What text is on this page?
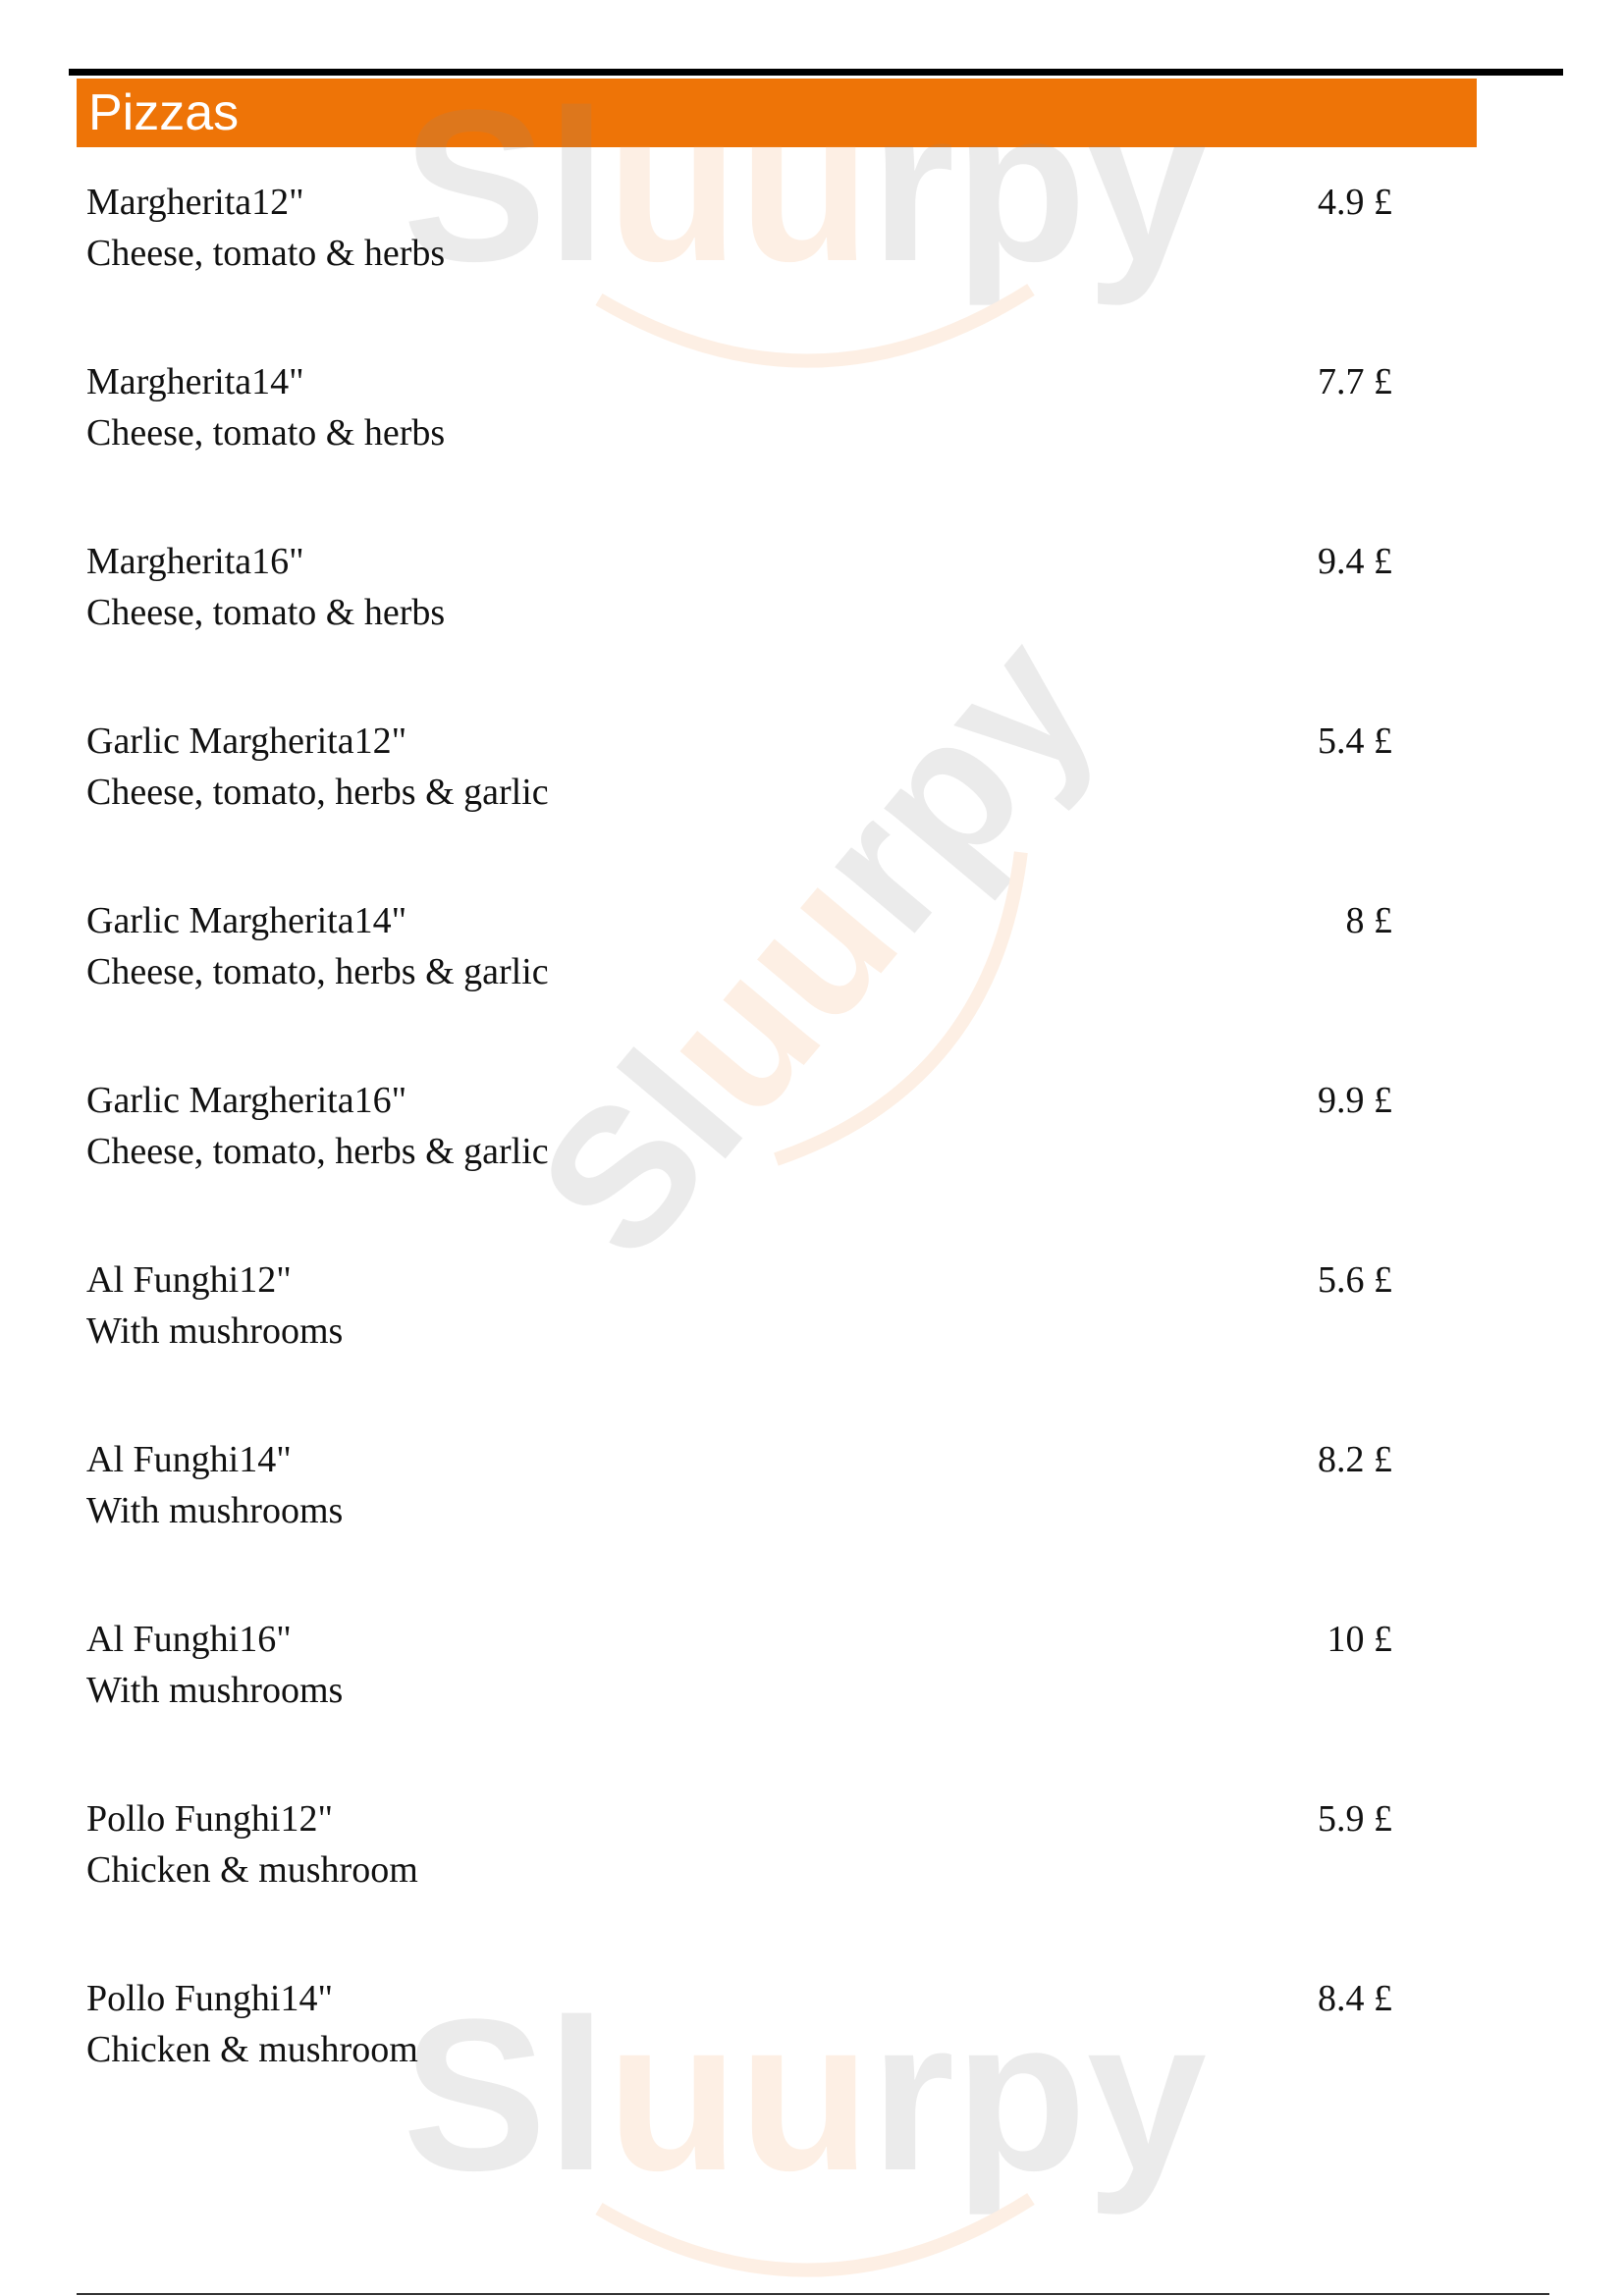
Pizzas Sluurpy
Sluurpy
Sluurpy
Margherita12"
Cheese, tomato & herbs
4.9 £
Margherita14"
Cheese, tomato & herbs
7.7 £
Margherita16"
Cheese, tomato & herbs
9.4 £
Garlic Margherita12"
Cheese, tomato, herbs & garlic
5.4 £
Garlic Margherita14"
Cheese, tomato, herbs & garlic
8 £
Garlic Margherita16"
Cheese, tomato, herbs & garlic
9.9 £
Al Funghi12"
With mushrooms
5.6 £
Al Funghi14"
With mushrooms
8.2 £
Al Funghi16"
With mushrooms
10 £
Pollo Funghi12"
Chicken & mushroom
5.9 £
Pollo Funghi14"
Chicken & mushroom
8.4 £
